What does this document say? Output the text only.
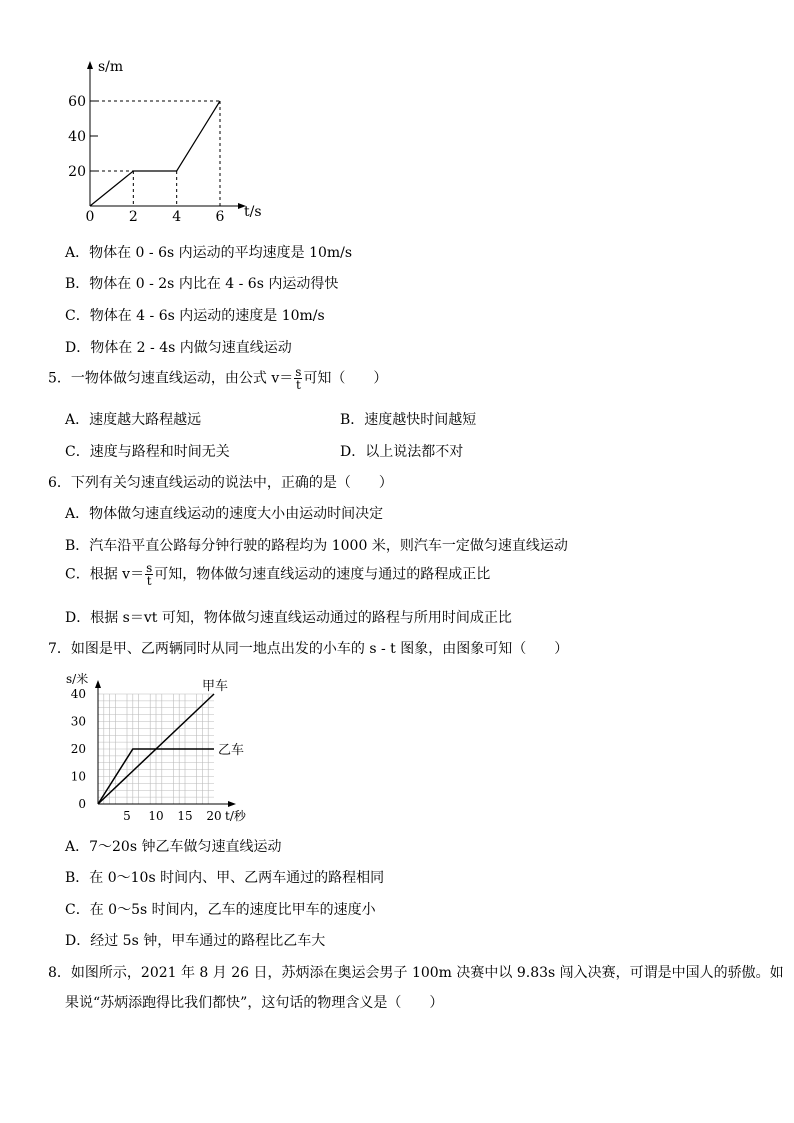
s/m
t/s
20
40
60
0 2 4 6
A．物体在 0 - 6s 内运动的平均速度是 10m/s
B．物体在 0 - 2s 内比在 4 - 6s 内运动得快
C．物体在 4 - 6s 内运动的速度是 10m/s
D．物体在 2 - 4s 内做匀速直线运动
5．一物体做匀速直线运动，由公式 $v= \frac{s}{t}$ 可知（　　）
A．速度越大路程越远	B．速度越快时间越短
C．速度与路程和时间无关	D．以上说法都不对
6．下列有关匀速直线运动的说法中，正确的是（　　）
A．物体做匀速直线运动的速度大小由运动时间决定
B．汽车沿平直公路每分钟行驶的路程均为 1000 米，则汽车一定做匀速直线运动
C．根据 $v= \frac{s}{t}$ 可知，物体做匀速直线运动的速度与通过的路程成正比
D．根据 s＝vt 可知，物体做匀速直线运动通过的路程与所用时间成正比
7．如图是甲、乙两辆同时从同一地点出发的小车的 s - t 图象，由图象可知（　　）
s/米
t/秒
0
10
20
30
40
5 10 15 20
甲车
乙车
A．7～20s 钟乙车做匀速直线运动
B．在 0～10s 时间内、甲、乙两车通过的路程相同
C．在 0～5s 时间内，乙车的速度比甲车的速度小
D．经过 5s 钟，甲车通过的路程比乙车大
8．如图所示，2021 年 8 月 26 日，苏炳添在奥运会男子 100m 决赛中以 9.83s 闯入决赛，可谓是中国人的骄傲。如
果说“苏炳添跑得比我们都快”，这句话的物理含义是（　　）
